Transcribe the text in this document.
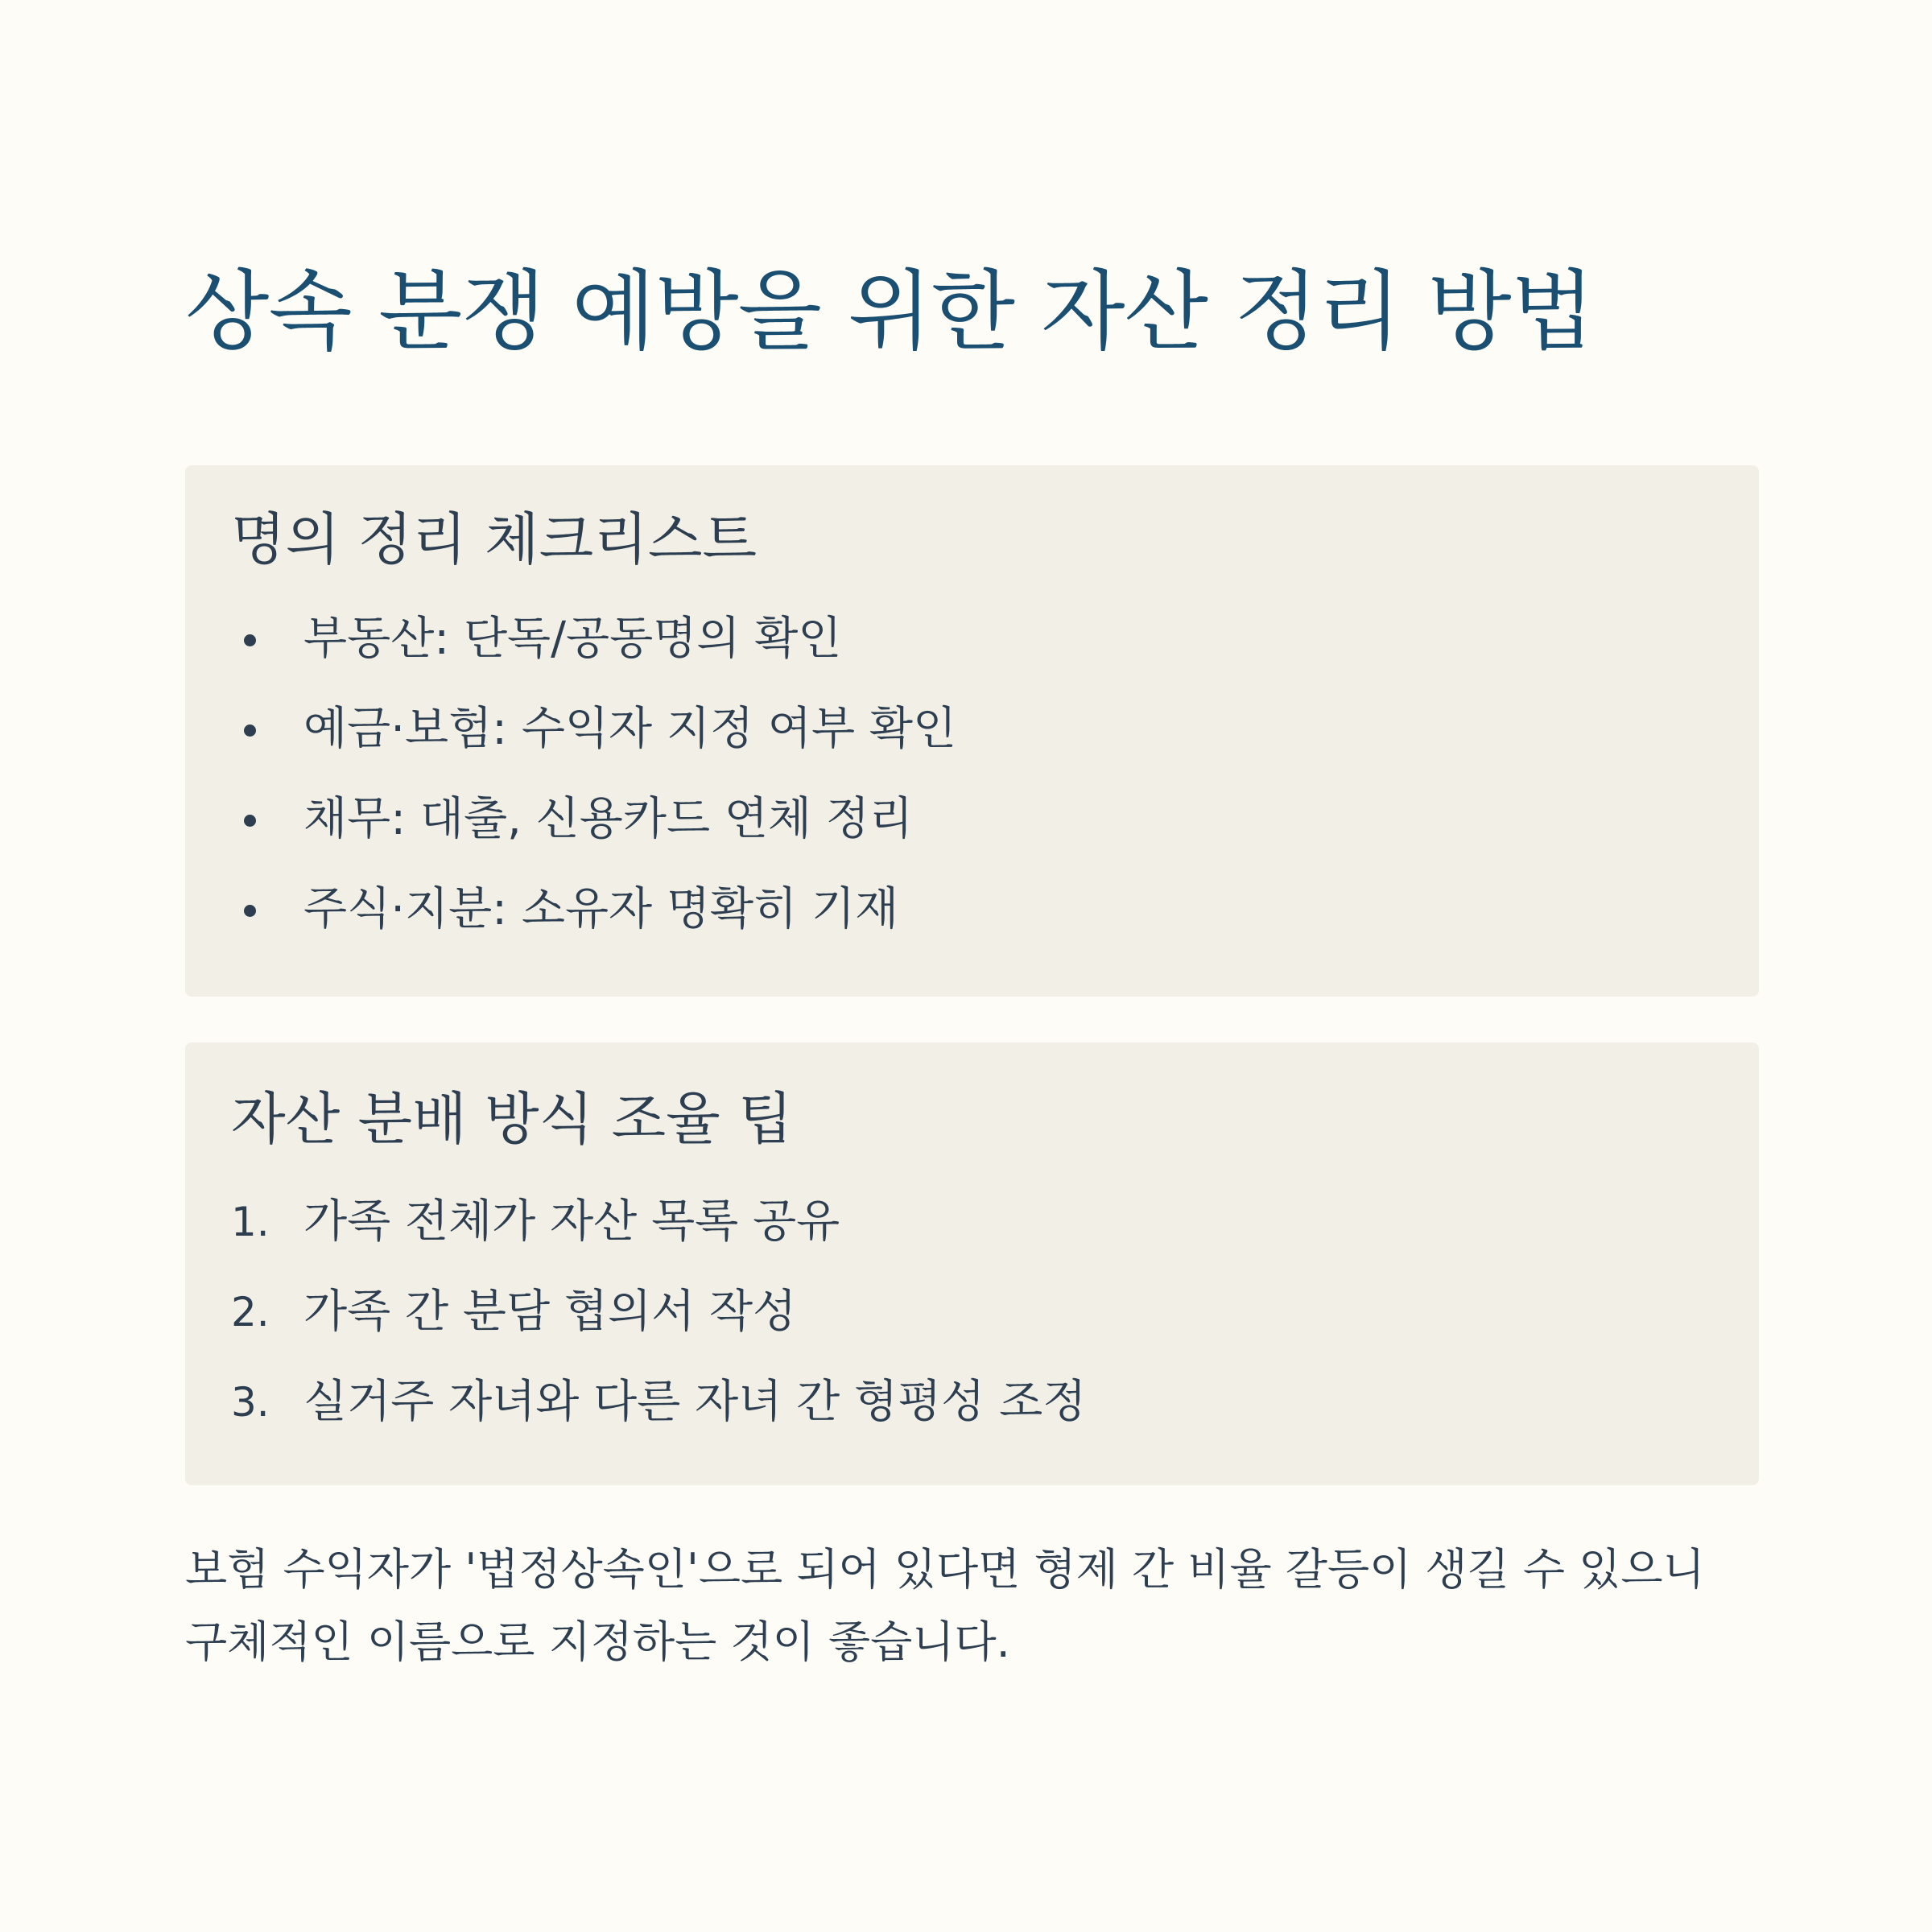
상속 분쟁 예방을 위한 자산 정리 방법
명의 정리 체크리스트
부동산: 단독/공동명의 확인
예금·보험: 수익자 지정 여부 확인
채무: 대출, 신용카드 연체 정리
주식·지분: 소유자 명확히 기재
자산 분배 방식 조율 팁
1. 가족 전체가 자산 목록 공유
2. 가족 간 분담 협의서 작성
3. 실거주 자녀와 다른 자녀 간 형평성 조정

보험 수익자가 '법정상속인'으로 되어 있다면 형제 간 비율 갈등이 생길 수 있으니 구체적인 이름으로 지정하는 것이 좋습니다.
